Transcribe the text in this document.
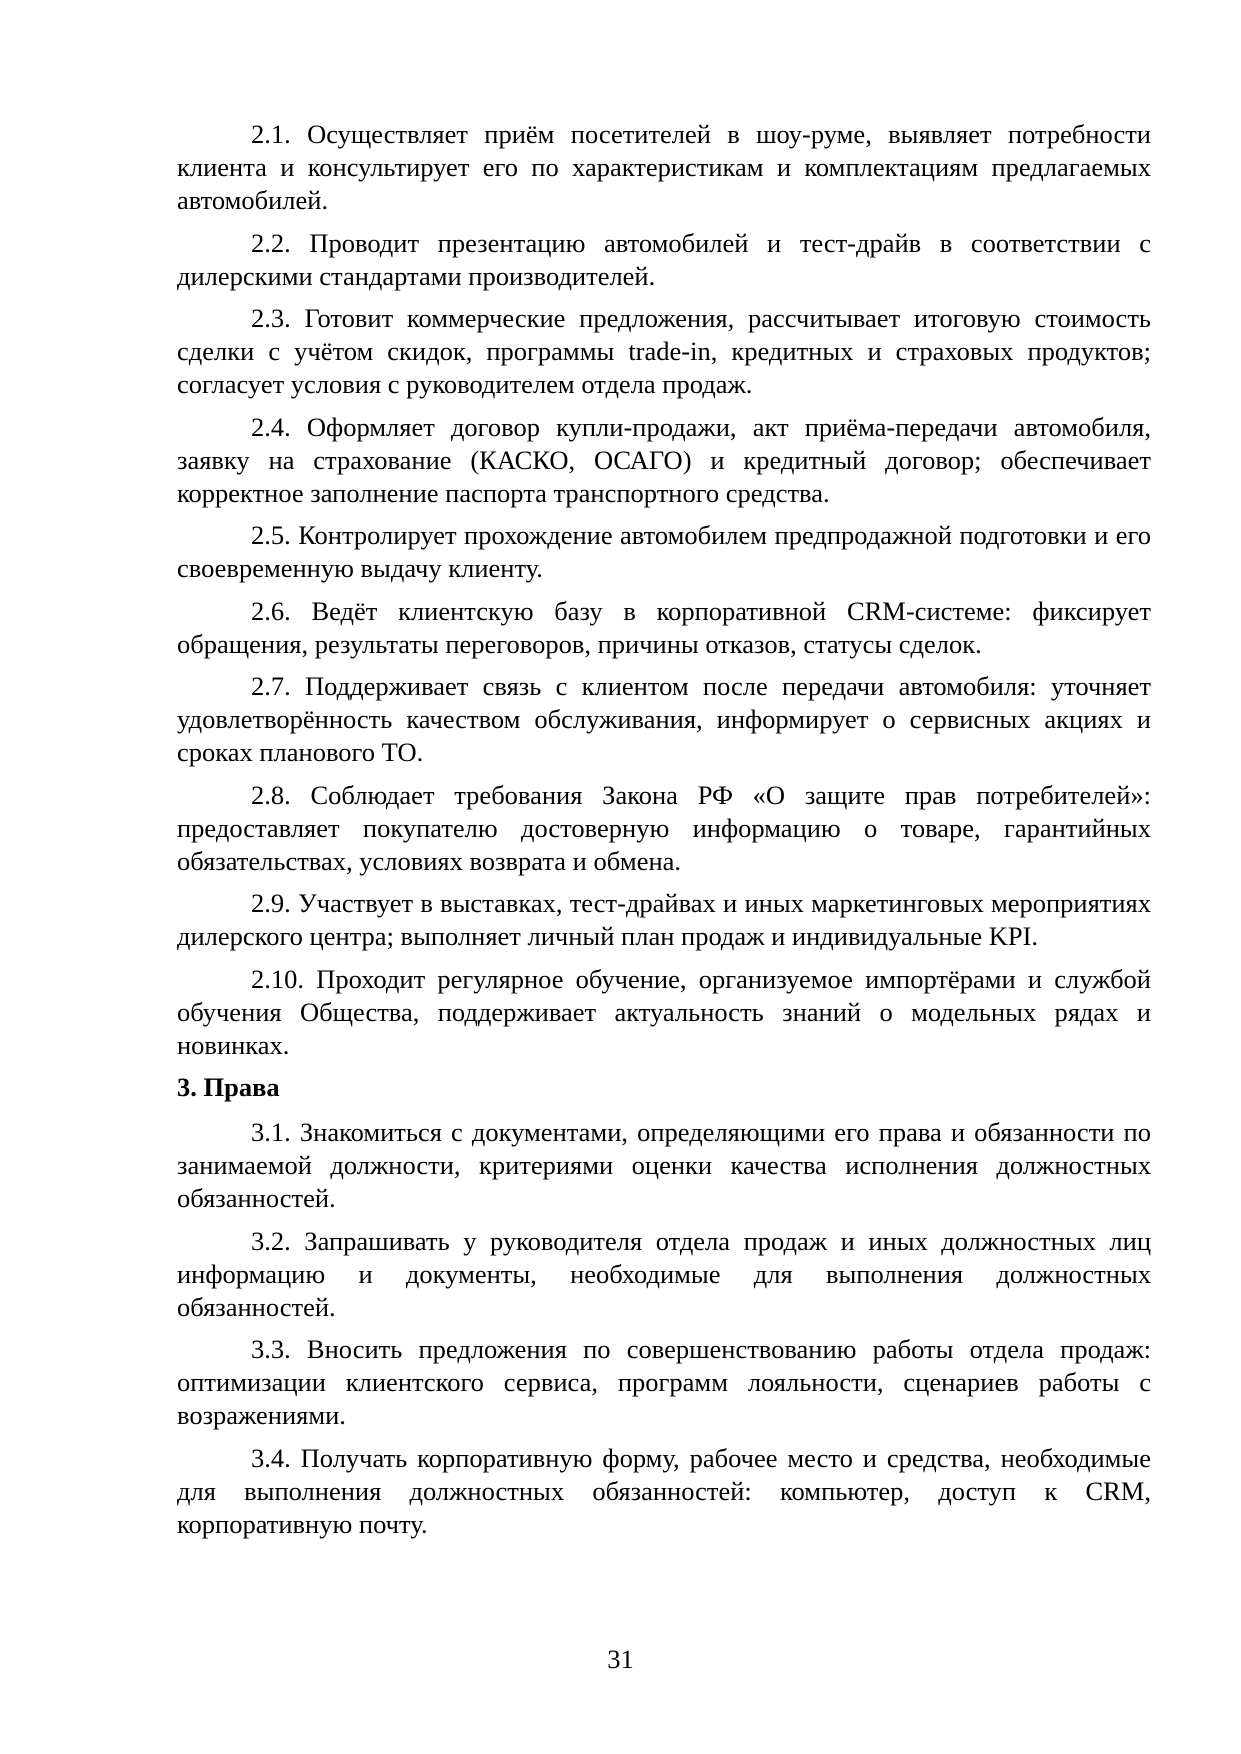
2.1. Осуществляет приём посетителей в шоу-руме, выявляет потребности клиента и консультирует его по характеристикам и комплектациям предлагаемых автомобилей.

2.2. Проводит презентацию автомобилей и тест-драйв в соответствии с дилерскими стандартами производителей.

2.3. Готовит коммерческие предложения, рассчитывает итоговую стоимость сделки с учётом скидок, программы trade-in, кредитных и страховых продуктов; согласует условия с руководителем отдела продаж.

2.4. Оформляет договор купли-продажи, акт приёма-передачи автомобиля, заявку на страхование (КАСКО, ОСАГО) и кредитный договор; обеспечивает корректное заполнение паспорта транспортного средства.

2.5. Контролирует прохождение автомобилем предпродажной подготовки и его своевременную выдачу клиенту.

2.6. Ведёт клиентскую базу в корпоративной CRM-системе: фиксирует обращения, результаты переговоров, причины отказов, статусы сделок.

2.7. Поддерживает связь с клиентом после передачи автомобиля: уточняет удовлетворённость качеством обслуживания, информирует о сервисных акциях и сроках планового ТО.

2.8. Соблюдает требования Закона РФ «О защите прав потребителей»: предоставляет покупателю достоверную информацию о товаре, гарантийных обязательствах, условиях возврата и обмена.

2.9. Участвует в выставках, тест-драйвах и иных маркетинговых мероприятиях дилерского центра; выполняет личный план продаж и индивидуальные KPI.

2.10. Проходит регулярное обучение, организуемое импортёрами и службой обучения Общества, поддерживает актуальность знаний о модельных рядах и новинках.

3. Права

3.1. Знакомиться с документами, определяющими его права и обязанности по занимаемой должности, критериями оценки качества исполнения должностных обязанностей.

3.2. Запрашивать у руководителя отдела продаж и иных должностных лиц информацию и документы, необходимые для выполнения должностных обязанностей.

3.3. Вносить предложения по совершенствованию работы отдела продаж: оптимизации клиентского сервиса, программ лояльности, сценариев работы с возражениями.

3.4. Получать корпоративную форму, рабочее место и средства, необходимые для выполнения должностных обязанностей: компьютер, доступ к CRM, корпоративную почту.

31
